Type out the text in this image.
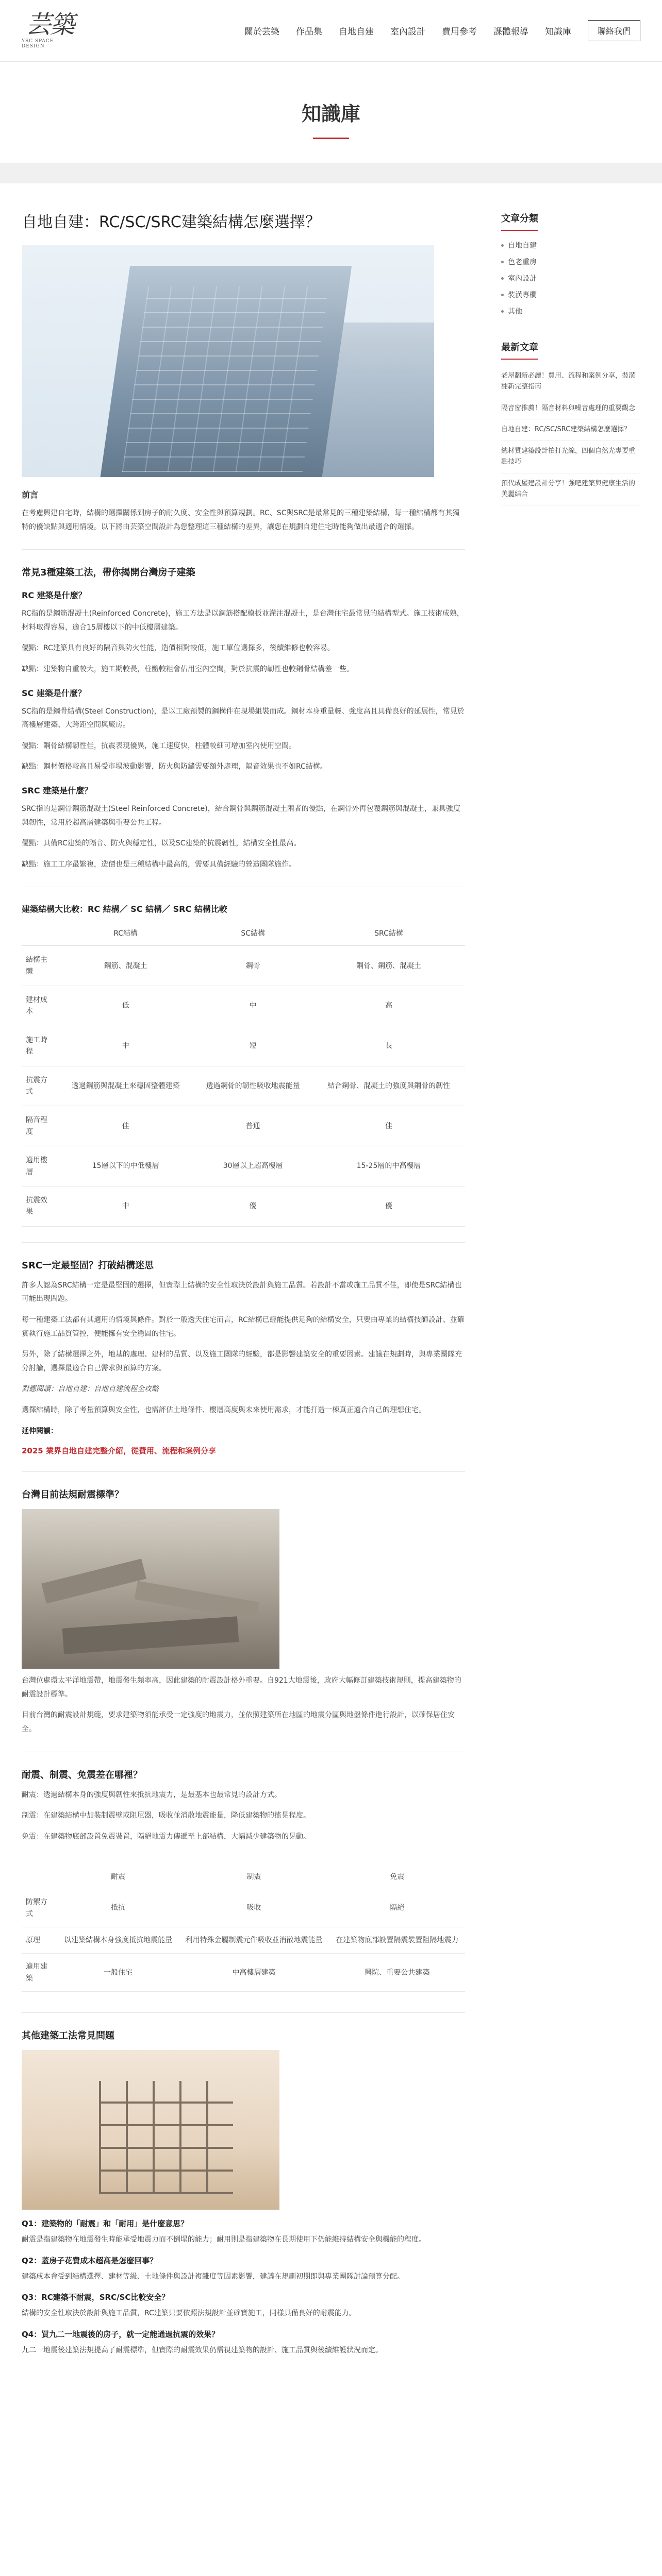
芸築
YSC SPACE DESIGN
關於芸築	作品集	自地自建	室內設計	費用參考	課體報導	知識庫	聯絡我們
知識庫
自地自建：RC/SC/SRC建築結構怎麼選擇？
前言

在考慮興建自宅時，結構的選擇關係到房子的耐久度、安全性與預算規劃。RC、SC與SRC是最常見的三種建築結構，每一種結構都有其獨特的優缺點與適用情境。以下將由芸築空間設計為您整理這三種結構的差異，讓您在規劃自建住宅時能夠做出最適合的選擇。

常見3種建築工法，帶你揭開台灣房子建築
RC 建築是什麼？

RC指的是鋼筋混凝土(Reinforced Concrete)，施工方法是以鋼筋搭配模板並灌注混凝土，是台灣住宅最常見的結構型式。施工技術成熟，材料取得容易，適合15層樓以下的中低樓層建築。

優點：RC建築具有良好的隔音與防火性能，造價相對較低，施工單位選擇多，後續維修也較容易。

缺點：建築物自重較大，施工期較長，柱體較粗會佔用室內空間，對於抗震的韌性也較鋼骨結構差一些。

SC 建築是什麼？

SC指的是鋼骨結構(Steel Construction)，是以工廠預製的鋼構件在現場組裝而成。鋼材本身重量輕、強度高且具備良好的延展性，常見於高樓層建築、大跨距空間與廠房。

優點：鋼骨結構韌性佳，抗震表現優異，施工速度快，柱體較細可增加室內使用空間。

缺點：鋼材價格較高且易受市場波動影響，防火與防鏽需要額外處理，隔音效果也不如RC結構。

SRC 建築是什麼？

SRC指的是鋼骨鋼筋混凝土(Steel Reinforced Concrete)，結合鋼骨與鋼筋混凝土兩者的優點，在鋼骨外再包覆鋼筋與混凝土，兼具強度與韌性，常用於超高層建築與重要公共工程。

優點：具備RC建築的隔音、防火與穩定性，以及SC建築的抗震韌性，結構安全性最高。

缺點：施工工序最繁複，造價也是三種結構中最高的，需要具備經驗的營造團隊施作。

建築結構大比較：RC 結構／ SC 結構／ SRC 結構比較
	RC結構	SC結構	SRC結構
結構主體	鋼筋、混凝土	鋼骨	鋼骨、鋼筋、混凝土
建材成本	低	中	高
施工時程	中	短	長
抗震方式	透過鋼筋與混凝土來穩固整體建築	透過鋼骨的韌性吸收地震能量	結合鋼骨、混凝土的強度與鋼骨的韌性
隔音程度	佳	普通	佳
適用樓層	15層以下的中低樓層	30層以上超高樓層	15-25層的中高樓層
抗震效果	中	優	優
SRC一定最堅固？打破結構迷思

許多人認為SRC結構一定是最堅固的選擇，但實際上結構的安全性取決於設計與施工品質。若設計不當或施工品質不佳，即使是SRC結構也可能出現問題。

每一種建築工法都有其適用的情境與條件。對於一般透天住宅而言，RC結構已經能提供足夠的結構安全，只要由專業的結構技師設計、並確實執行施工品質管控，便能擁有安全穩固的住宅。

另外，除了結構選擇之外，地基的處理、建材的品質、以及施工團隊的經驗，都是影響建築安全的重要因素。建議在規劃時，與專業團隊充分討論，選擇最適合自己需求與預算的方案。

對應閱讀：自地自建：自地自建流程全攻略

選擇結構時，除了考量預算與安全性，也需評估土地條件、樓層高度與未來使用需求，才能打造一棟真正適合自己的理想住宅。

延伸閱讀：

2025 業界自地自建完整介紹，從費用、流程和案例分享

台灣目前法規耐震標準？

台灣位處環太平洋地震帶，地震發生頻率高，因此建築的耐震設計格外重要。自921大地震後，政府大幅修訂建築技術規則，提高建築物的耐震設計標準。

目前台灣的耐震設計規範，要求建築物須能承受一定強度的地震力，並依照建築所在地區的地震分區與地盤條件進行設計，以確保居住安全。

耐震、制震、免震差在哪裡？

耐震：透過結構本身的強度與韌性來抵抗地震力，是最基本也最常見的設計方式。

制震：在建築結構中加裝制震壁或阻尼器，吸收並消散地震能量，降低建築物的搖晃程度。

免震：在建築物底部設置免震裝置，隔絕地震力傳遞至上部結構，大幅減少建築物的晃動。

	耐震	制震	免震
防禦方式	抵抗	吸收	隔絕
原理	以建築結構本身強度抵抗地震能量	利用特殊金屬制震元件吸收並消散地震能量	在建築物底部設置隔震裝置阻隔地震力
適用建築	一般住宅	中高樓層建築	醫院、重要公共建築
其他建築工法常見問題
Q1：建築物的「耐震」和「耐用」是什麼意思？

耐震是指建築物在地震發生時能承受地震力而不倒塌的能力；耐用則是指建築物在長期使用下仍能維持結構安全與機能的程度。

Q2：蓋房子花費成本超高是怎麼回事？

建築成本會受到結構選擇、建材等級、土地條件與設計複雜度等因素影響，建議在規劃初期即與專業團隊討論預算分配。

Q3：RC建築不耐震，SRC/SC比較安全？

結構的安全性取決於設計與施工品質，RC建築只要依照法規設計並確實施工，同樣具備良好的耐震能力。

Q4：買九二一地震後的房子，就一定能通過抗震的效果？

九二一地震後建築法規提高了耐震標準，但實際的耐震效果仍需視建築物的設計、施工品質與後續維護狀況而定。

文章分類
自地自建
色老重房
室內設計
裝潢專欄
其他
最新文章
老屋翻新必讀！費用、流程和案例分享，裝潢翻新完整指南
隔音窗推薦！隔音材料與噪音處理的重要觀念
自地自建：RC/SC/SRC建築結構怎麼選擇？
總材質建築設計拍打光線，四個自然光專要重點技巧
預代成屋建設計分享！強吧建築與健康生活的美麗結合
